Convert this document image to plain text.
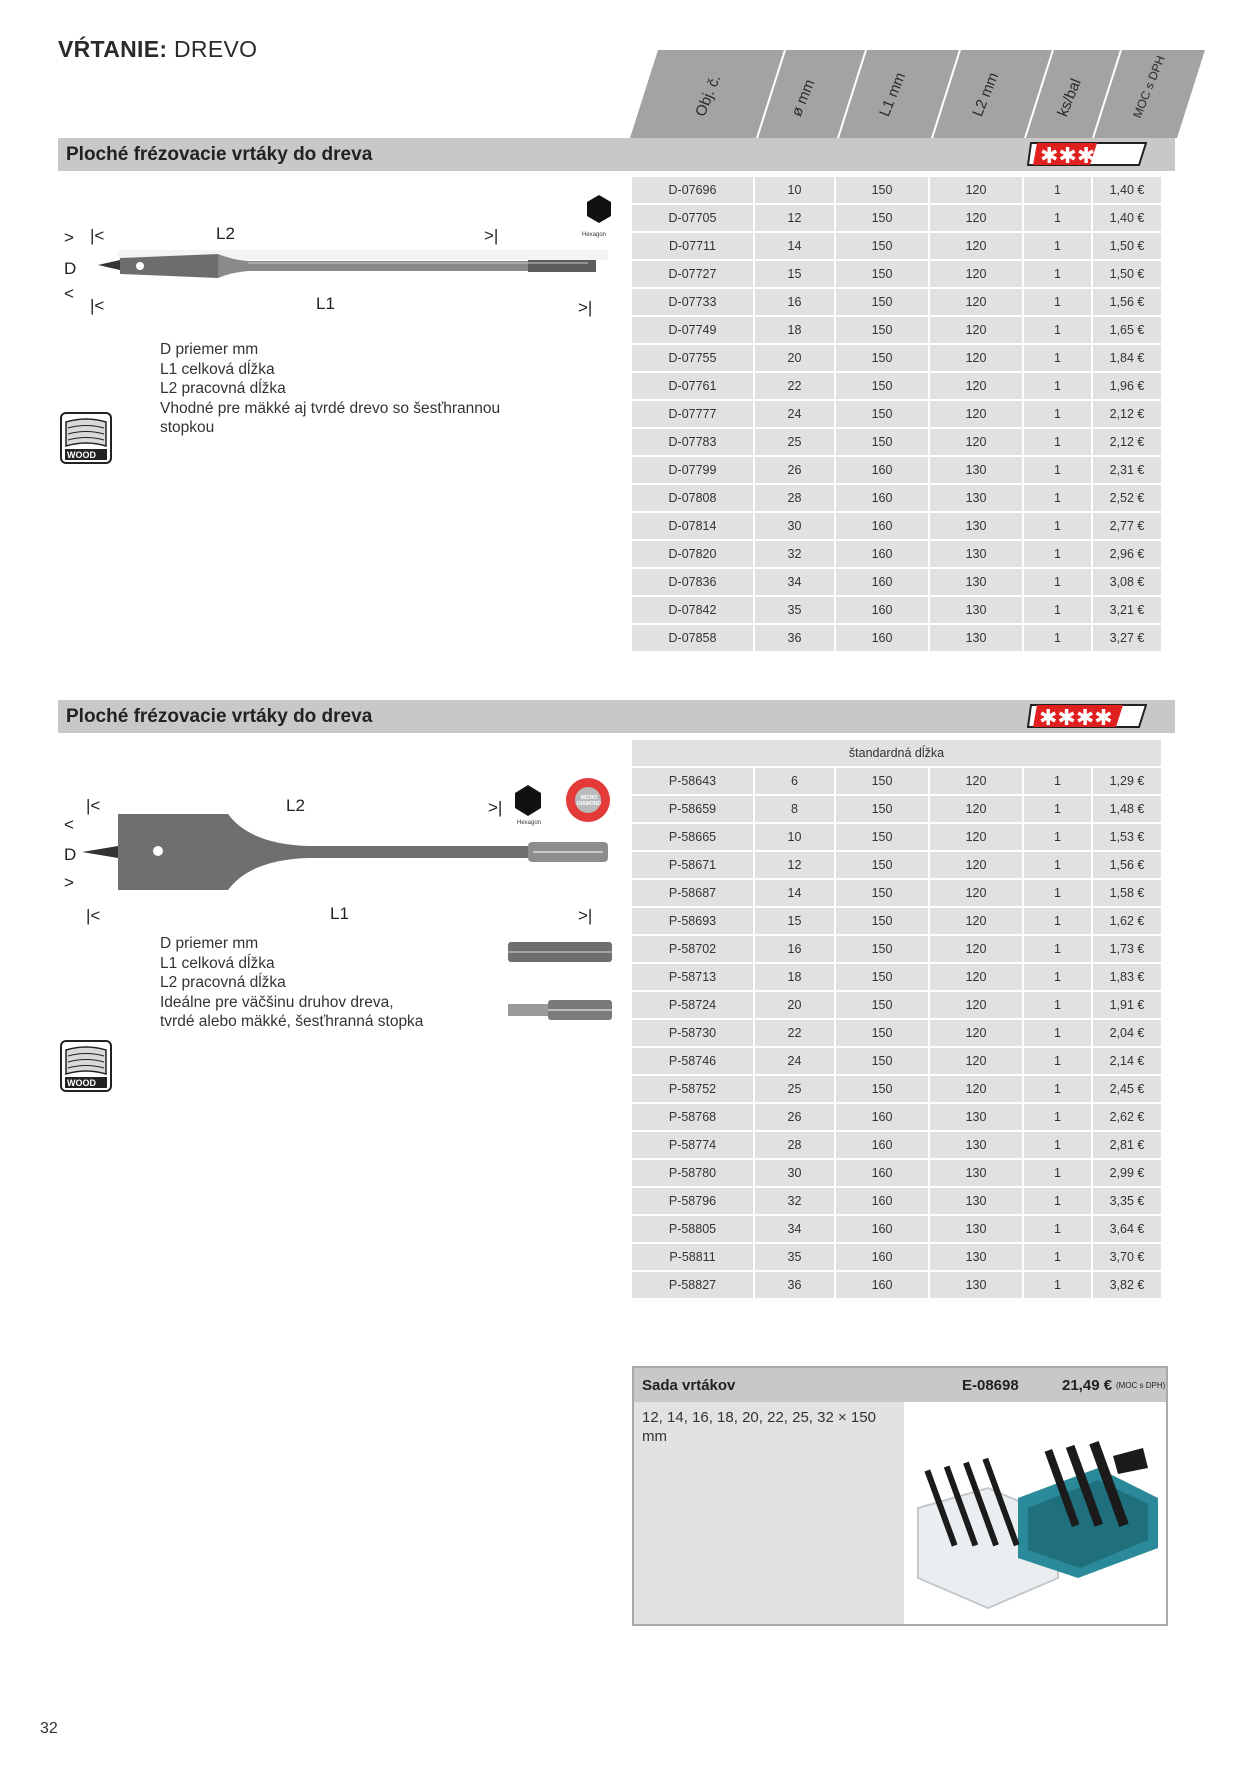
VŔTANIE: DREVO
Obj. č.	ø mm	L1 mm	L2 mm	ks/bal	MOC s DPH
Ploché frézovacie vrtáky do dreva	✱✱✱
Hexagon
>
D
<
|<	L2	>|
|<	L1	>|
D priemer mm
L1 celková dĺžka
L2 pracovná dĺžka
Vhodné pre mäkké aj tvrdé drevo so šesťhrannou
stopkou
WOOD
D-07696	10	150	120	1	1,40 €
D-07705	12	150	120	1	1,40 €
D-07711	14	150	120	1	1,50 €
D-07727	15	150	120	1	1,50 €
D-07733	16	150	120	1	1,56 €
D-07749	18	150	120	1	1,65 €
D-07755	20	150	120	1	1,84 €
D-07761	22	150	120	1	1,96 €
D-07777	24	150	120	1	2,12 €
D-07783	25	150	120	1	2,12 €
D-07799	26	160	130	1	2,31 €
D-07808	28	160	130	1	2,52 €
D-07814	30	160	130	1	2,77 €
D-07820	32	160	130	1	2,96 €
D-07836	34	160	130	1	3,08 €
D-07842	35	160	130	1	3,21 €
D-07858	36	160	130	1	3,27 €
Ploché frézovacie vrtáky do dreva	✱✱✱✱
štandardná dĺžka					
P-58643	6	150	120	1	1,29 €
P-58659	8	150	120	1	1,48 €
P-58665	10	150	120	1	1,53 €
P-58671	12	150	120	1	1,56 €
P-58687	14	150	120	1	1,58 €
P-58693	15	150	120	1	1,62 €
P-58702	16	150	120	1	1,73 €
P-58713	18	150	120	1	1,83 €
P-58724	20	150	120	1	1,91 €
P-58730	22	150	120	1	2,04 €
P-58746	24	150	120	1	2,14 €
P-58752	25	150	120	1	2,45 €
P-58768	26	160	130	1	2,62 €
P-58774	28	160	130	1	2,81 €
P-58780	30	160	130	1	2,99 €
P-58796	32	160	130	1	3,35 €
P-58805	34	160	130	1	3,64 €
P-58811	35	160	130	1	3,70 €
P-58827	36	160	130	1	3,82 €
Hexagon
MICRO DIAMOND
<
D
>
|<	L2	>|
|<	L1	>|
D priemer mm
L1 celková dĺžka
L2 pracovná dĺžka
Ideálne pre väčšinu druhov dreva,
tvrdé alebo mäkké, šesťhranná stopka
WOOD
Sada vrtákov	E-08698	21,49 € (MOC s DPH)
12, 14, 16, 18, 20, 22, 25, 32 × 150 mm
32
